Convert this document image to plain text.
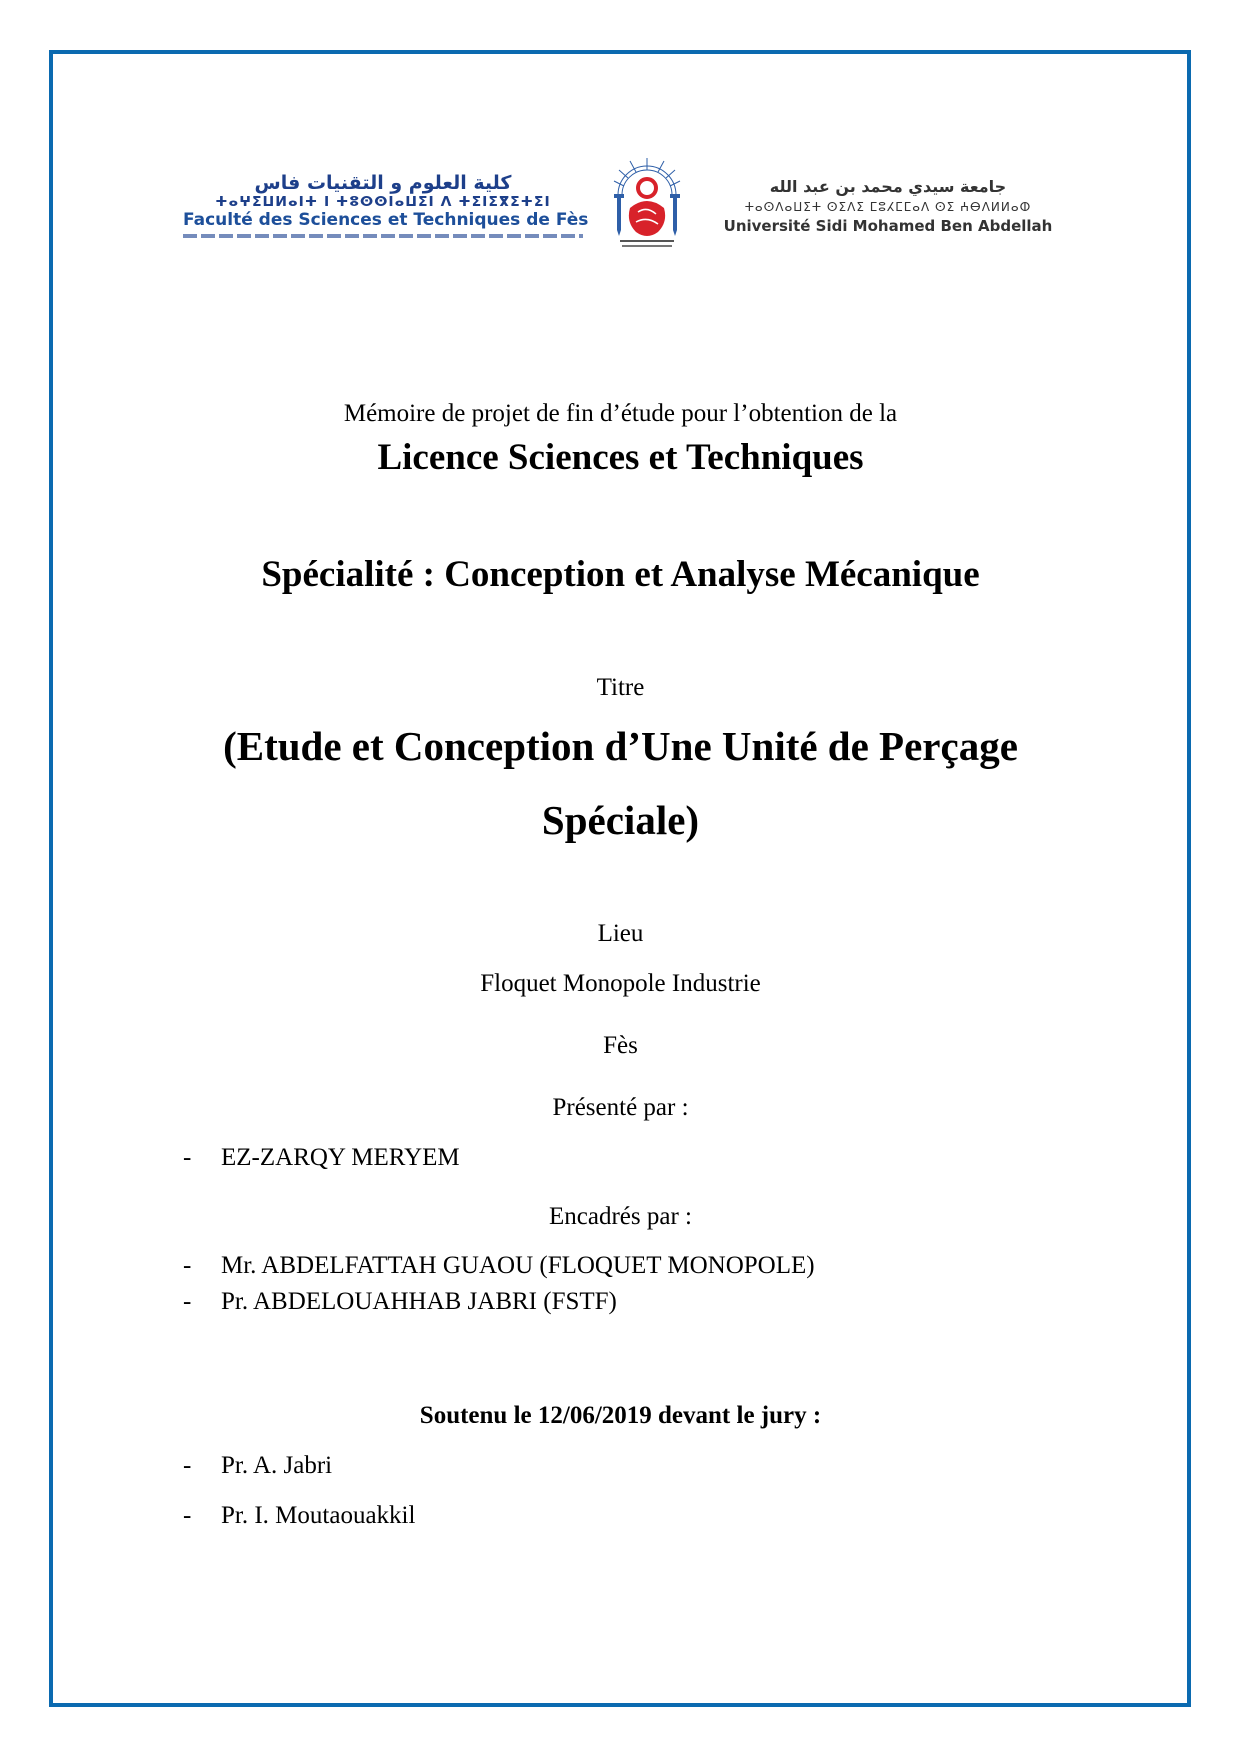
كلية العلوم و التقنيات فاس
ⵜⴰⵖⵉⵡⵍⴰⵏⵜ ⵏ ⵜⵓⵙⵙⵏⴰⵡⵉⵏ ⴷ ⵜⵉⵏⵉⴳⵉⵜⵉⵏ
Faculté des Sciences et Techniques de Fès
جامعة سيدي محمد بن عبد الله
ⵜⴰⵙⴷⴰⵡⵉⵜ ⵙⵉⴷⵉ ⵎⵓⵃⵎⵎⴰⴷ ⵙⵉ ⵄⴱⴷⵍⵍⴰⵀ
Université Sidi Mohamed Ben Abdellah
Mémoire de projet de fin d’étude pour l’obtention de la
Licence Sciences et Techniques
Spécialité : Conception et Analyse Mécanique
Titre
(Etude et Conception d’Une Unité de Perçage
Spéciale)
Lieu
Floquet Monopole Industrie
Fès
Présenté par :
- EZ-ZARQY MERYEM
Encadrés par :
- Mr. ABDELFATTAH GUAOU (FLOQUET MONOPOLE)
- Pr. ABDELOUAHHAB JABRI (FSTF)
Soutenu le 12/06/2019 devant le jury :
- Pr. A. Jabri
- Pr. I. Moutaouakkil
